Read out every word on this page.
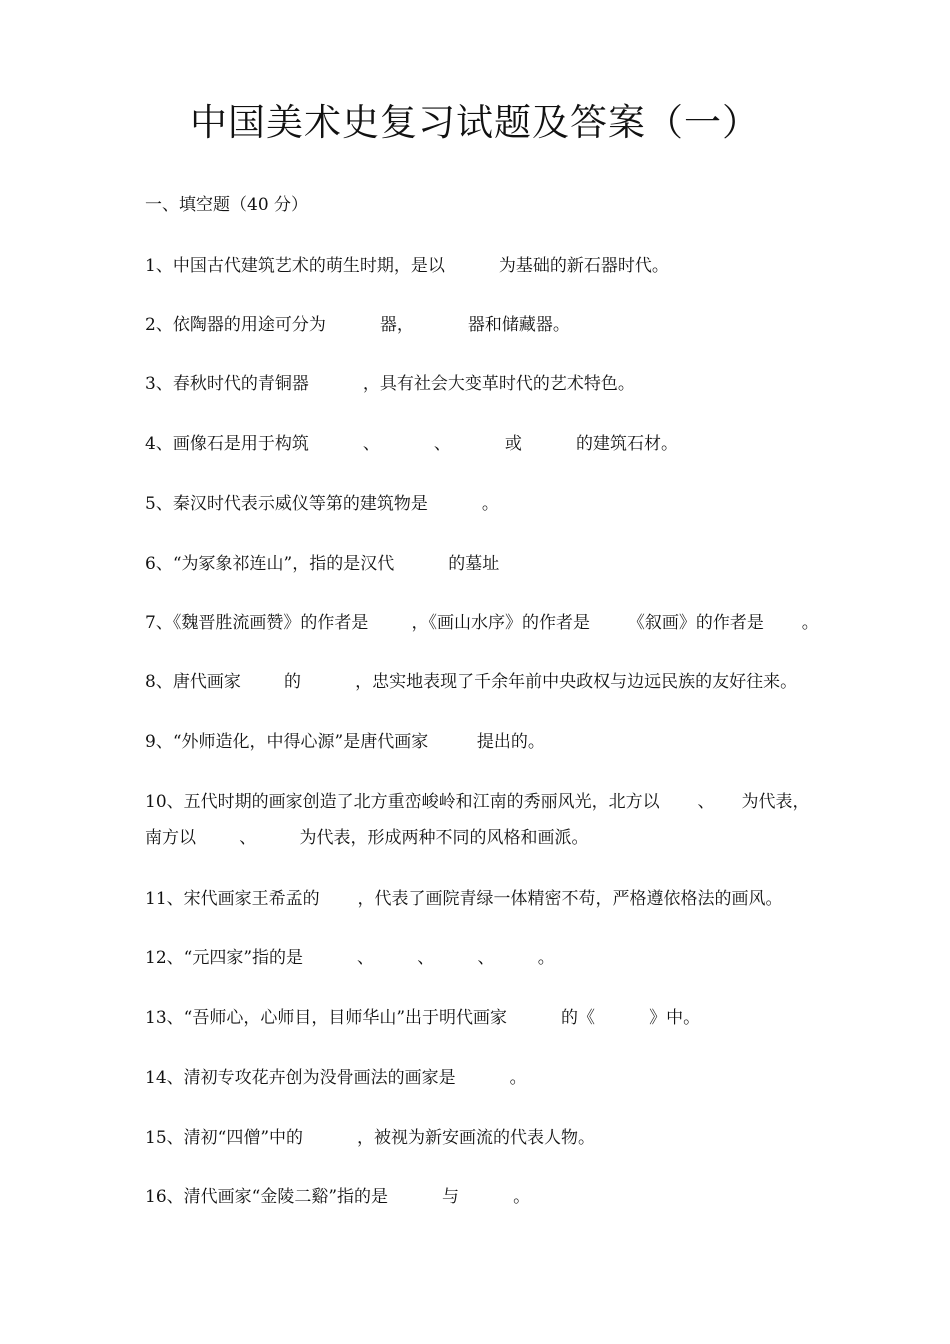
中国美术史复习试题及答案（一）
一、填空题（40 分）
1、中国古代建筑艺术的萌生时期，是以          为基础的新石器时代。
2、依陶器的用途可分为          器，          器和储藏器。
3、春秋时代的青铜器          ，具有社会大变革时代的艺术特色。
4、画像石是用于构筑          、          、          或          的建筑石材。
5、秦汉时代表示威仪等第的建筑物是          。
6、“为冢象祁连山”，指的是汉代          的墓址
7、《魏晋胜流画赞》的作者是        ，《画山水序》的作者是       《叙画》的作者是       。
8、唐代画家        的          ，忠实地表现了千余年前中央政权与边远民族的友好往来。
9、“外师造化，中得心源”是唐代画家         提出的。
10、五代时期的画家创造了北方重峦峻岭和江南的秀丽风光，北方以       、     为代表，
南方以        、        为代表，形成两种不同的风格和画派。
11、宋代画家王希孟的       ，代表了画院青绿一体精密不苟，严格遵依格法的画风。
12、“元四家”指的是          、        、        、        。
13、“吾师心，心师目，目师华山”出于明代画家          的《          》中。
14、清初专攻花卉创为没骨画法的画家是          。
15、清初“四僧”中的          ，被视为新安画流的代表人物。
16、清代画家“金陵二谿”指的是          与          。
